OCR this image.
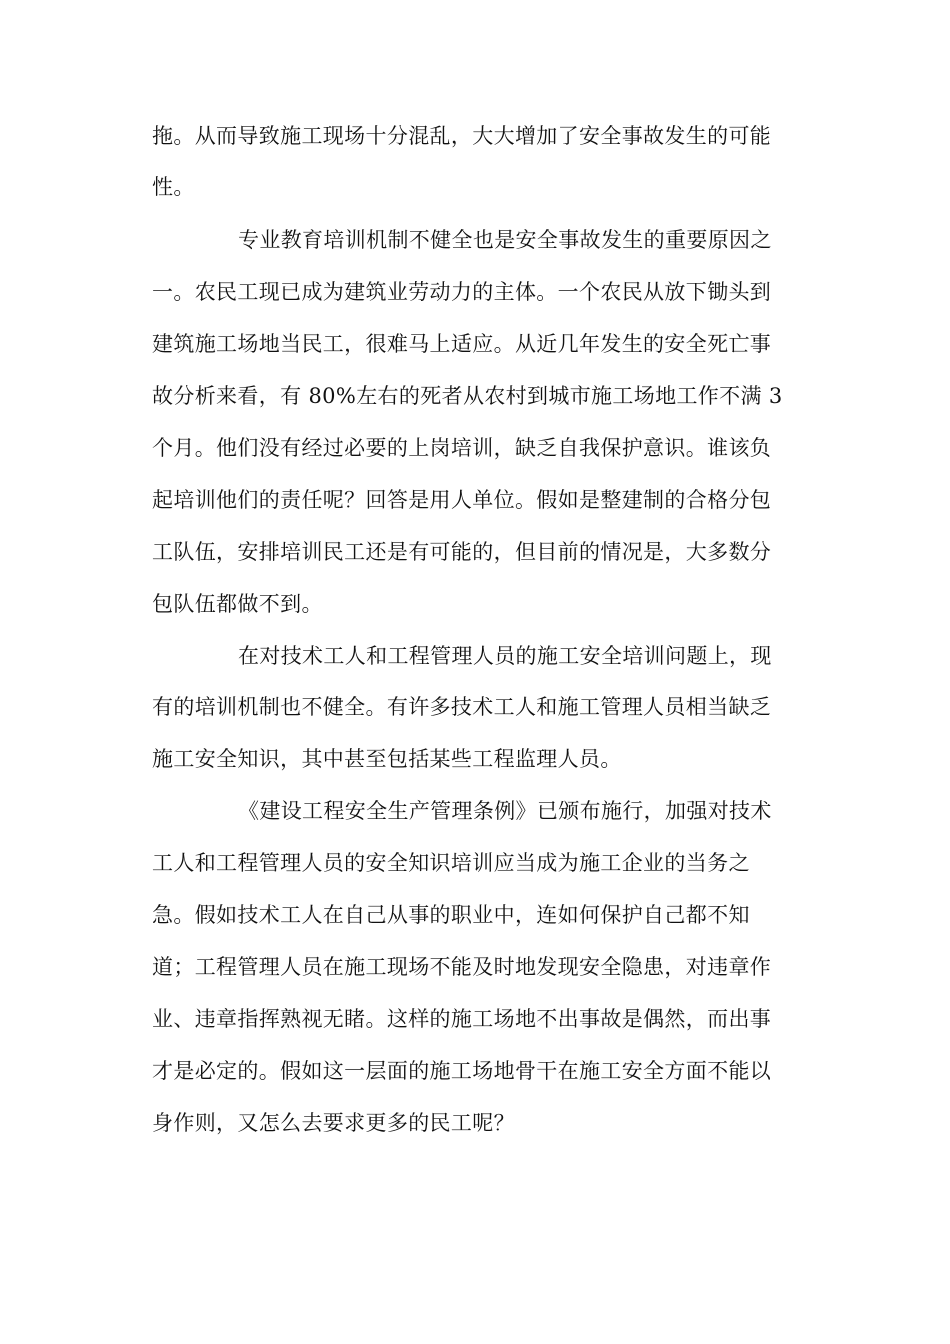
拖。从而导致施工现场十分混乱，大大增加了安全事故发生的可能

性。

专业教育培训机制不健全也是安全事故发生的重要原因之

一。农民工现已成为建筑业劳动力的主体。一个农民从放下锄头到

建筑施工场地当民工，很难马上适应。从近几年发生的安全死亡事

故分析来看，有 80%左右的死者从农村到城市施工场地工作不满 3

个月。他们没有经过必要的上岗培训，缺乏自我保护意识。谁该负

起培训他们的责任呢？回答是用人单位。假如是整建制的合格分包

工队伍，安排培训民工还是有可能的，但目前的情况是，大多数分

包队伍都做不到。

在对技术工人和工程管理人员的施工安全培训问题上，现

有的培训机制也不健全。有许多技术工人和施工管理人员相当缺乏

施工安全知识，其中甚至包括某些工程监理人员。

《建设工程安全生产管理条例》已颁布施行，加强对技术

工人和工程管理人员的安全知识培训应当成为施工企业的当务之

急。假如技术工人在自己从事的职业中，连如何保护自己都不知

道；工程管理人员在施工现场不能及时地发现安全隐患，对违章作

业、违章指挥熟视无睹。这样的施工场地不出事故是偶然，而出事

才是必定的。假如这一层面的施工场地骨干在施工安全方面不能以

身作则，又怎么去要求更多的民工呢？
